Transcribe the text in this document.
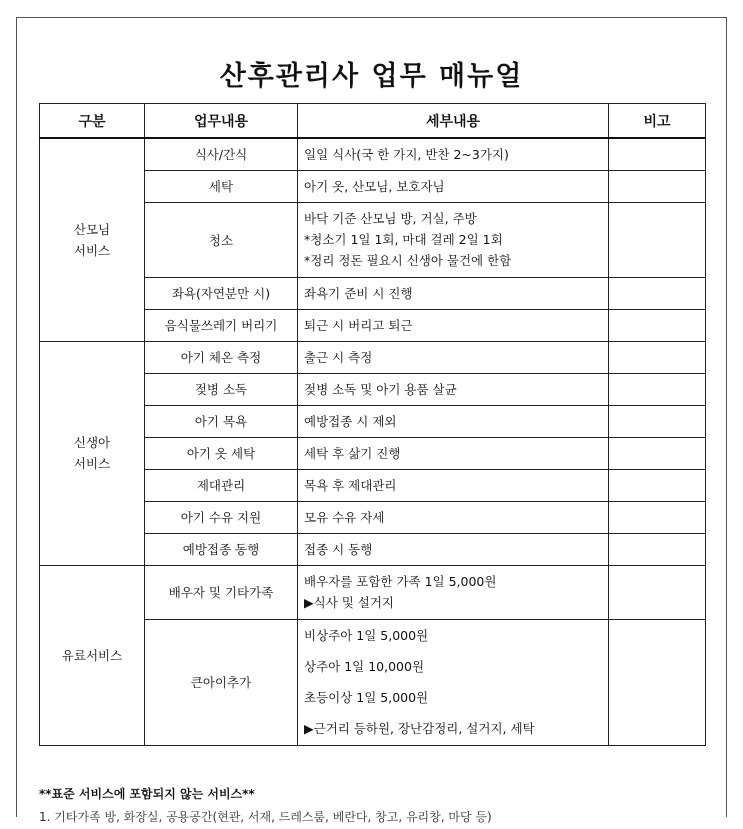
산후관리사 업무 매뉴얼
구분	업무내용	세부내용	비고

산모님
서비스	식사/간식	일일 식사(국 한 가지, 반찬 2~3가지)	

	세탁	아기 옷, 산모님, 보호자님	

	청소	바닥 기준 산모님 방, 거실, 주방
*청소기 1일 1회, 마대 걸레 2일 1회
*정리 정돈 필요시 신생아 물건에 한함	

	좌욕(자연분만 시)	좌욕기 준비 시 진행	

	음식물쓰레기 버리기	퇴근 시 버리고 퇴근	

신생아
서비스	아기 체온 측정	출근 시 측정	

	젖병 소독	젖병 소독 및 아기 용품 살균	

	아기 목욕	예방접종 시 제외	

	아기 옷 세탁	세탁 후 삶기 진행	

	제대관리	목욕 후 제대관리	

	아기 수유 지원	모유 수유 자세	

	예방접종 동행	접종 시 동행	

유료서비스	배우자 및 기타가족	배우자를 포함한 가족 1일 5,000원
▶식사 및 설거지	

	큰아이추가	비상주아 1일 5,000원
상주아 1일 10,000원
초등이상 1일 5,000원
▶근거리 등하원, 장난감정리, 설거지, 세탁	

**표준 서비스에 포함되지 않는 서비스**
1. 기타가족 방, 화장실, 공용공간(현관, 서재, 드레스룸, 베란다, 창고, 유리창, 마당 등)
